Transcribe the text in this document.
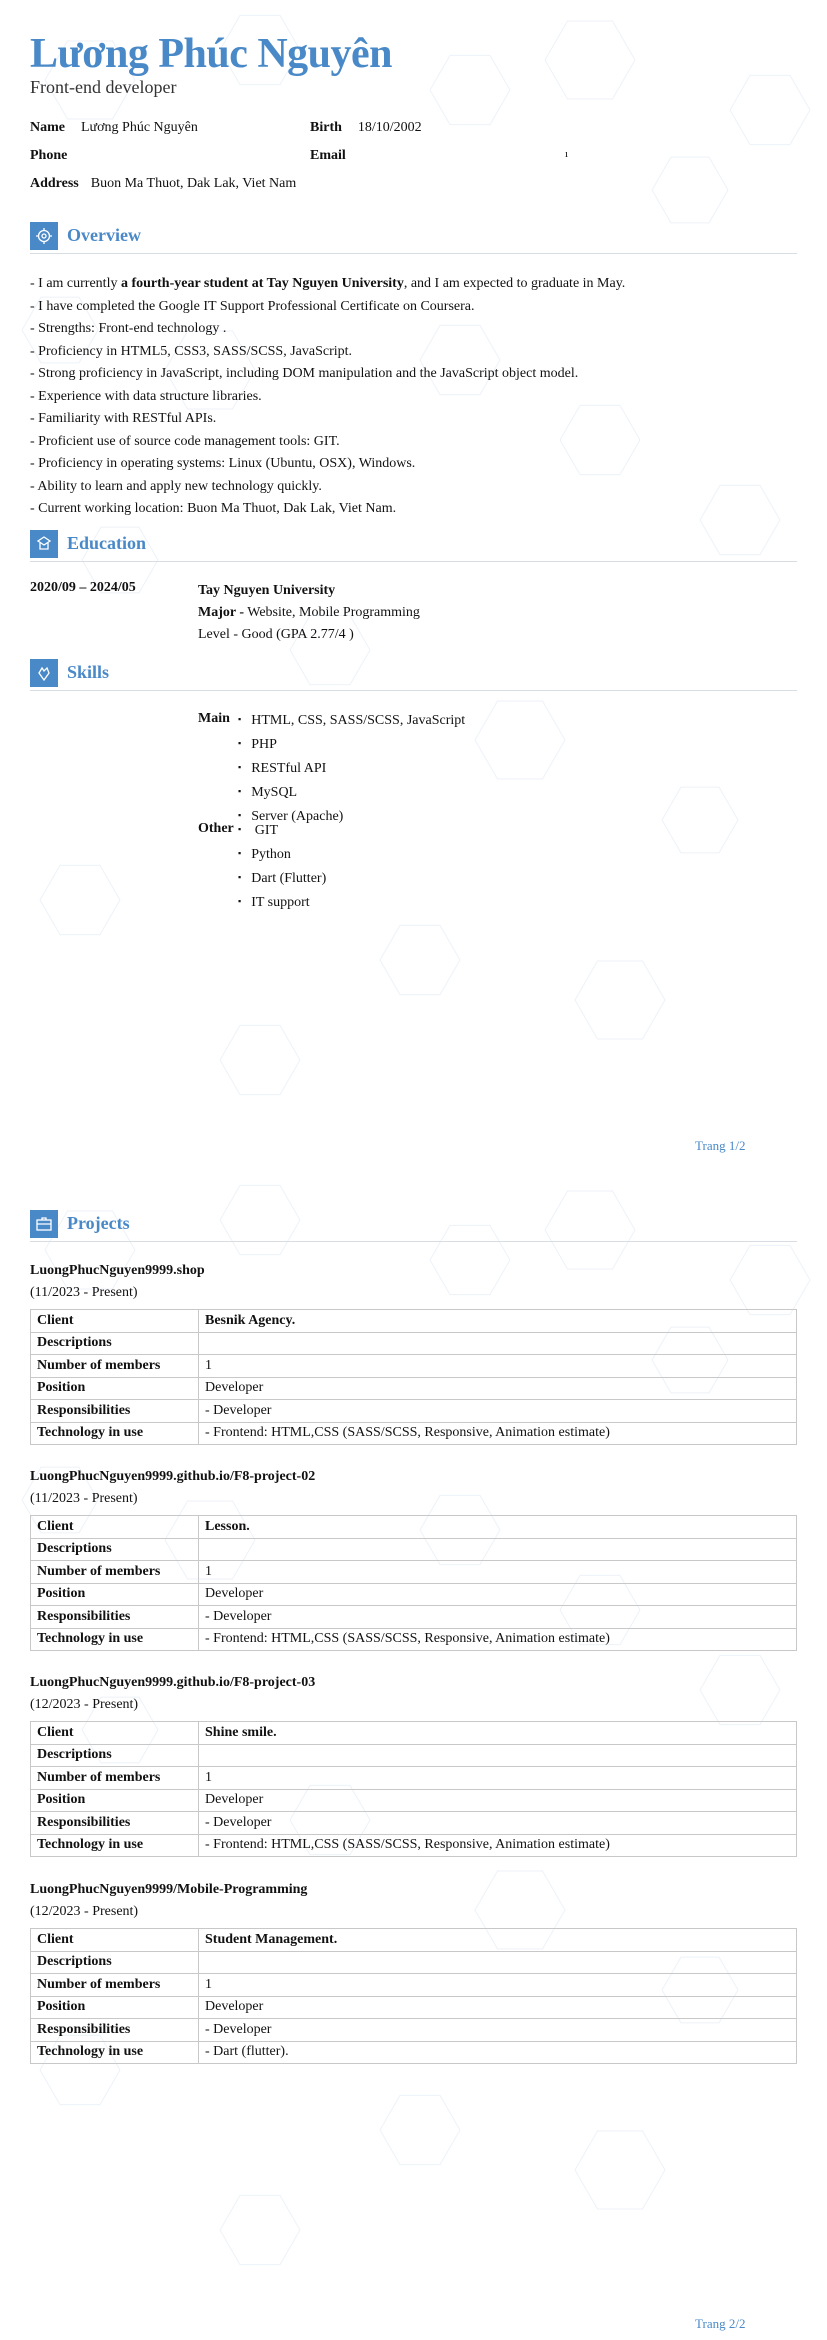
Lương Phúc Nguyên
Front-end developer
Name Lương Phúc Nguyên	Birth 18/10/2002
Phone	Email	ı
Address Buon Ma Thuot, Dak Lak, Viet Nam
Overview
- I am currently a fourth-year student at Tay Nguyen University, and I am expected to graduate in May.
- I have completed the Google IT Support Professional Certificate on Coursera.
- Strengths: Front-end technology .
- Proficiency in HTML5, CSS3, SASS/SCSS, JavaScript.
- Strong proficiency in JavaScript, including DOM manipulation and the JavaScript object model.
- Experience with data structure libraries.
- Familiarity with RESTful APIs.
- Proficient use of source code management tools: GIT.
- Proficiency in operating systems: Linux (Ubuntu, OSX), Windows.
- Ability to learn and apply new technology quickly.
- Current working location: Buon Ma Thuot, Dak Lak, Viet Nam.
Education
2020/09 – 2024/05	Tay Nguyen University
Major - Website, Mobile Programming
Level - Good (GPA 2.77/4 )
Skills
Main	▪ HTML, CSS, SASS/SCSS, JavaScript
▪ PHP
▪ RESTful API
▪ MySQL
▪ Server (Apache)
Other	▪ GIT
▪ Python
▪ Dart (Flutter)
▪ IT support
Trang 1/2
Projects
LuongPhucNguyen9999.shop
(11/2023 - Present)
Client	Besnik Agency.
Descriptions	
Number of members	1
Position	Developer
Responsibilities	- Developer
Technology in use	- Frontend: HTML,CSS (SASS/SCSS, Responsive, Animation estimate)
LuongPhucNguyen9999.github.io/F8-project-02
(11/2023 - Present)
Client	Lesson.
Descriptions	
Number of members	1
Position	Developer
Responsibilities	- Developer
Technology in use	- Frontend: HTML,CSS (SASS/SCSS, Responsive, Animation estimate)
LuongPhucNguyen9999.github.io/F8-project-03
(12/2023 - Present)
Client	Shine smile.
Descriptions	
Number of members	1
Position	Developer
Responsibilities	- Developer
Technology in use	- Frontend: HTML,CSS (SASS/SCSS, Responsive, Animation estimate)
LuongPhucNguyen9999/Mobile-Programming
(12/2023 - Present)
Client	Student Management.
Descriptions	
Number of members	1
Position	Developer
Responsibilities	- Developer
Technology in use	- Dart (flutter).
Trang 2/2
